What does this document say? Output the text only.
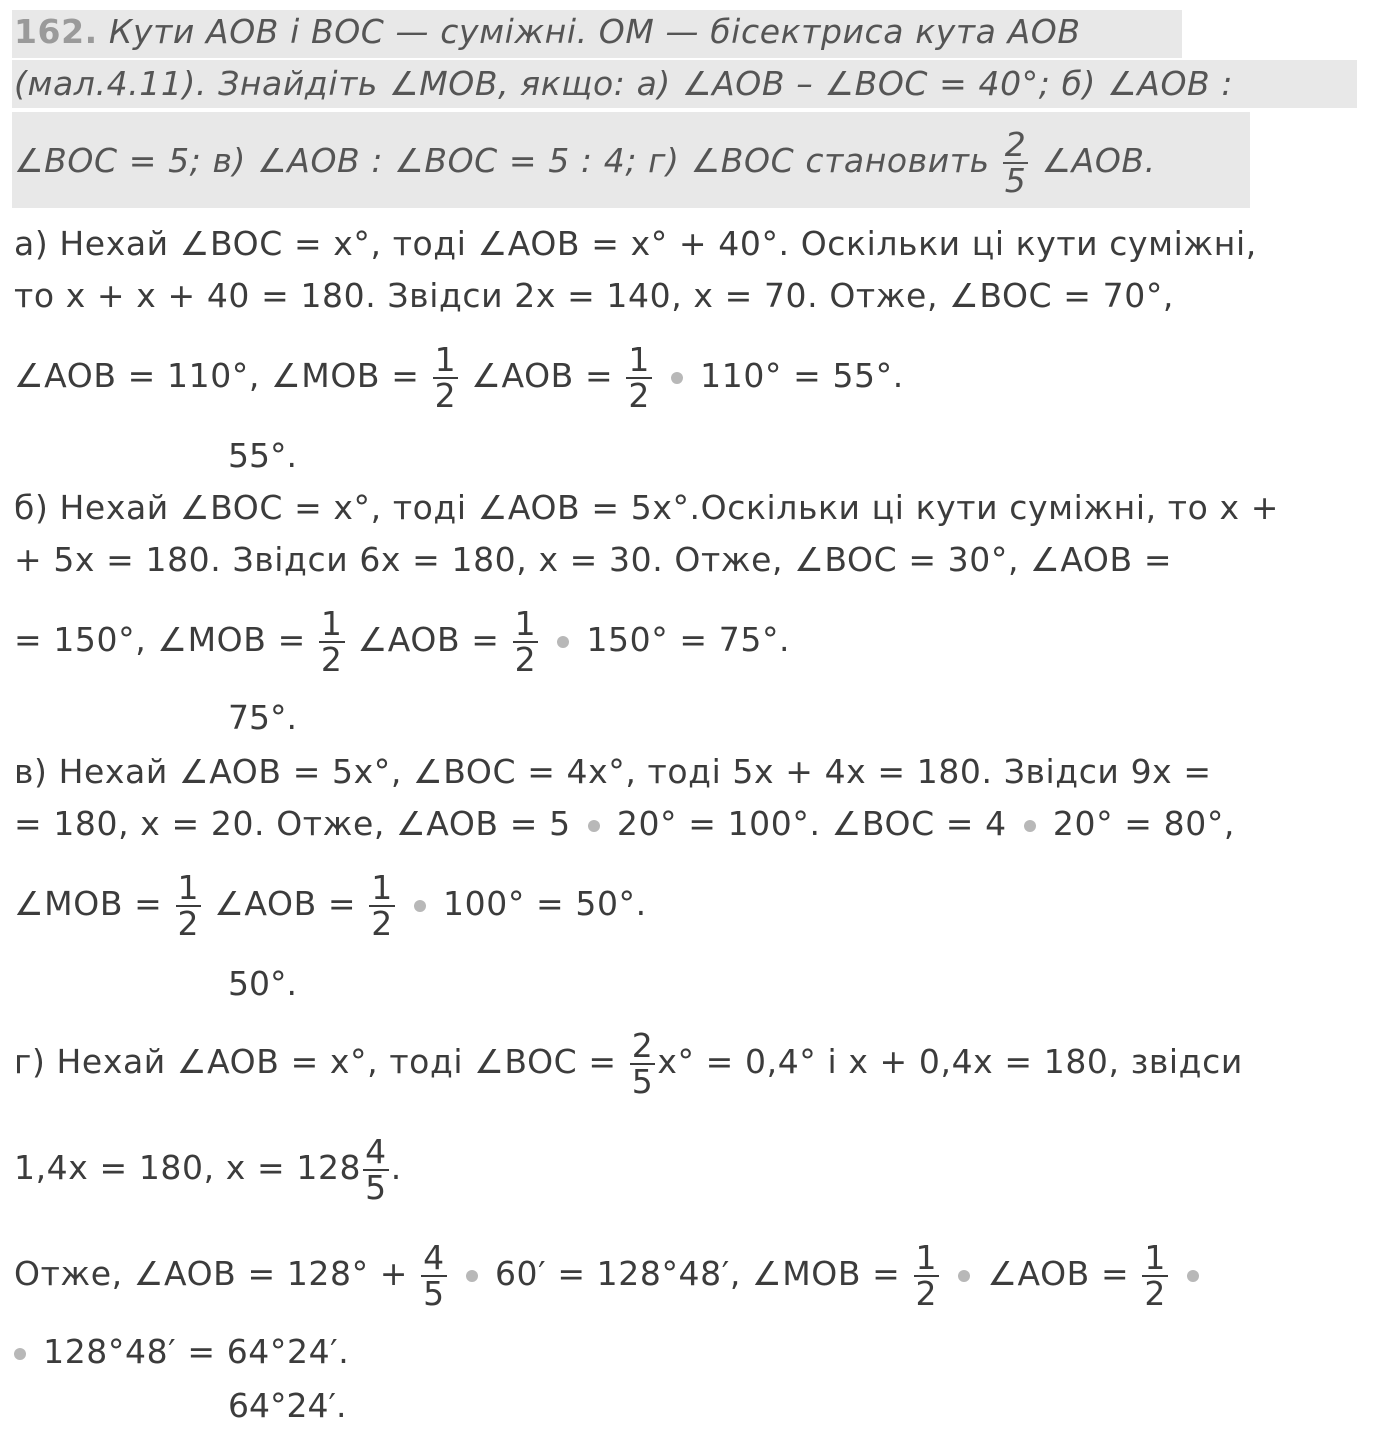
162. Кути AOB і BOC — суміжні. OM — бісектриса кута AOB
(мал.4.11). Знайдіть ∠MOB, якщо: а) ∠AOB – ∠BOC = 40°; б) ∠AOB :
∠BOC = 5; в) ∠AOB : ∠BOC = 5 : 4; г) ∠BOC становить $\frac{2}{5}$ ∠AOB.
а) Нехай ∠BOC = x°, тоді ∠AOB = x° + 40°. Оскільки ці кути суміжні,
то x + x + 40 = 180. Звідси 2x = 140, x = 70. Отже, ∠BOC = 70°,
∠AOB = 110°, ∠MOB = $\frac{1}{2}$ ∠AOB = $\frac{1}{2} 110^\circ = 55^\circ$.
55°.
б) Нехай ∠BOC = x°, тоді ∠AOB = 5x°.Оскільки ці кути суміжні, то x +
+ 5x = 180. Звідси 6x = 180, x = 30. Отже, ∠BOC = 30°, ∠AOB =
= 150°, ∠MOB = $\frac{1}{2}$ ∠AOB = $\frac{1}{2} 150^\circ = 75^\circ$.
75°.
в) Нехай ∠AOB = 5x°, ∠BOC = 4x°, тоді 5x + 4x = 180. Звідси 9x =
= 180, x = 20. Отже, ∠AOB = 5 20° = 100°. ∠BOC = 4 20° = 80°,
∠MOB = $\frac{1}{2}$ ∠AOB = $\frac{1}{2} 100^\circ = 50^\circ$.
50°.
г) Нехай ∠AOB = x°, тоді ∠BOC = $\frac{2}{5} x^\circ = 0,4^\circ$ і x + 0,4x = 180, звідси
1,4x = 180, $x = 128 \frac{4}{5}$ .
Отже, ∠AOB = $128^\circ + \frac{4}{5} 60' = 128^\circ 48'$, ∠MOB = $\frac{1}{2}$ ∠AOB = $\frac{1}{2}$

128°48′ = 64°24′.
64°24′.
